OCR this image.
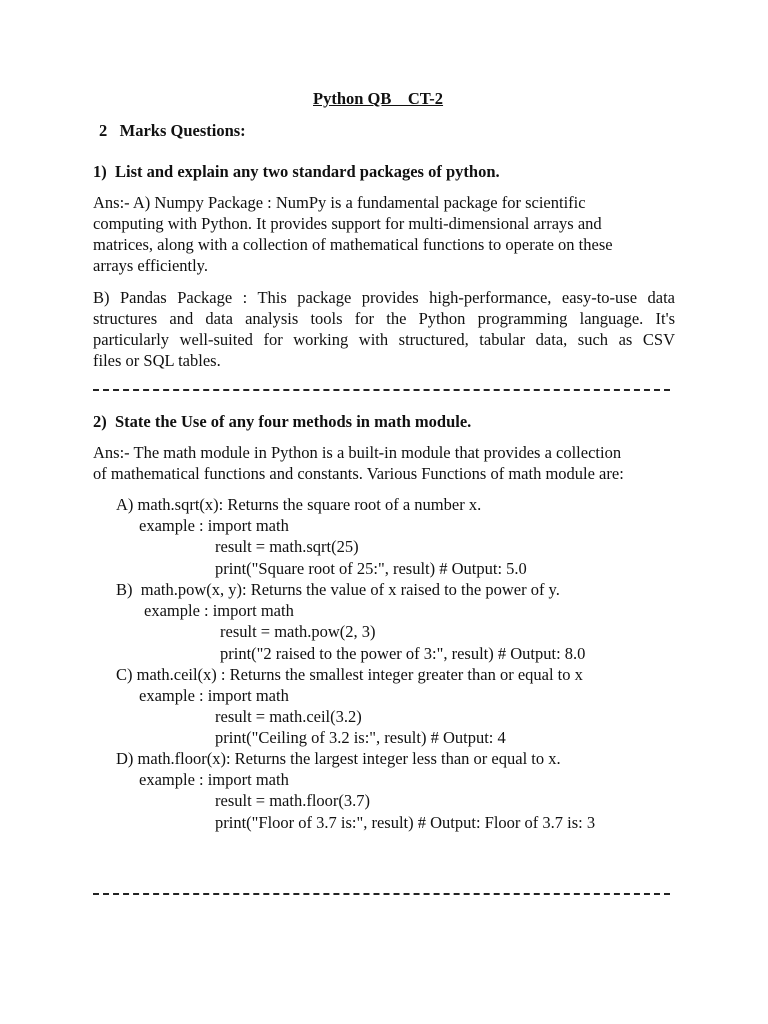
Python QB    CT-2
2   Marks Questions:
1)  List and explain any two standard packages of python.
Ans:- A) Numpy Package : NumPy is a fundamental package for scientific
computing with Python. It provides support for multi-dimensional arrays and
matrices, along with a collection of mathematical functions to operate on these
arrays efficiently.
B) Pandas Package : This package provides high-performance, easy-to-use data
structures and data analysis tools for the Python programming language. It's
particularly well-suited for working with structured, tabular data, such as CSV
files or SQL tables.
2)  State the Use of any four methods in math module.
Ans:- The math module in Python is a built-in module that provides a collection
of mathematical functions and constants. Various Functions of math module are:
A) math.sqrt(x): Returns the square root of a number x.
example : import math
result = math.sqrt(25)
print("Square root of 25:", result) # Output: 5.0
B)  math.pow(x, y): Returns the value of x raised to the power of y.
example : import math
result = math.pow(2, 3)
print("2 raised to the power of 3:", result) # Output: 8.0
C) math.ceil(x) : Returns the smallest integer greater than or equal to x
example : import math
result = math.ceil(3.2)
print("Ceiling of 3.2 is:", result) # Output: 4
D) math.floor(x): Returns the largest integer less than or equal to x.
example : import math
result = math.floor(3.7)
print("Floor of 3.7 is:", result) # Output: Floor of 3.7 is: 3
